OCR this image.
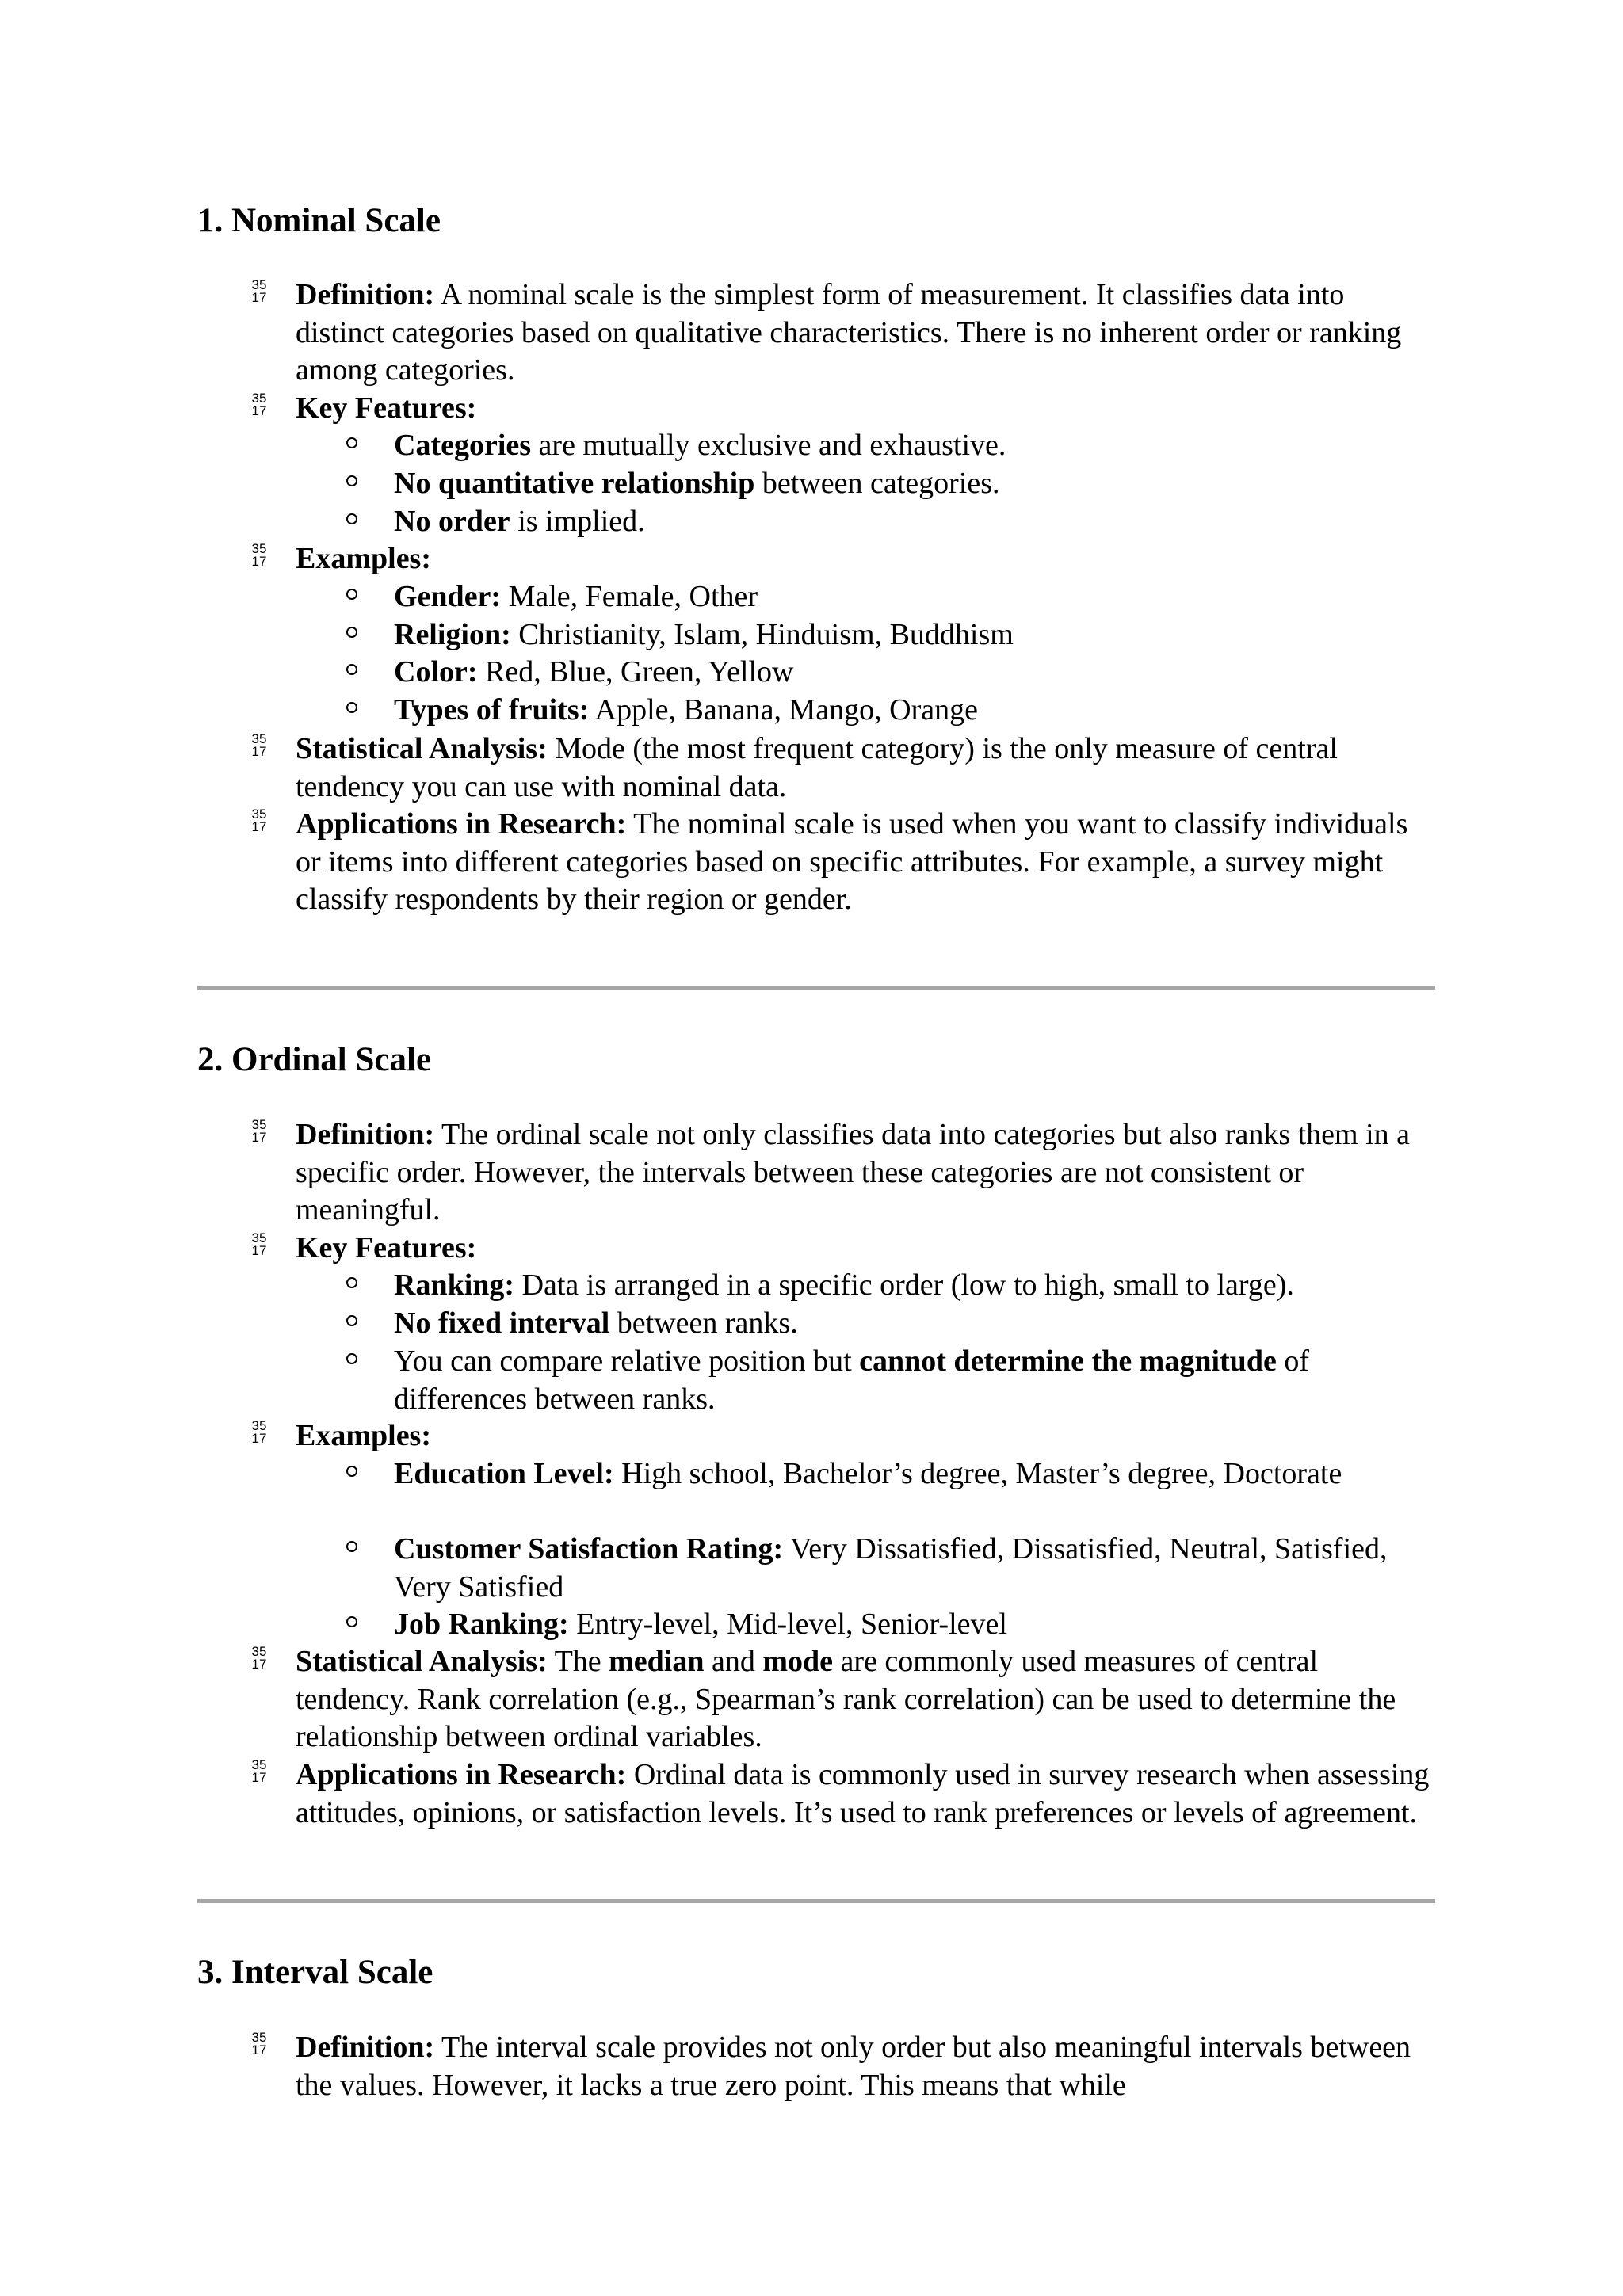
1. Nominal Scale
35
17 Definition: A nominal scale is the simplest form of measurement. It classifies data into distinct categories based on qualitative characteristics. There is no inherent order or ranking among categories.
35
17 Key Features:
Categories are mutually exclusive and exhaustive.
No quantitative relationship between categories.
No order is implied.
35
17 Examples:
Gender: Male, Female, Other
Religion: Christianity, Islam, Hinduism, Buddhism
Color: Red, Blue, Green, Yellow
Types of fruits: Apple, Banana, Mango, Orange
35
17 Statistical Analysis: Mode (the most frequent category) is the only measure of central tendency you can use with nominal data.
35
17 Applications in Research: The nominal scale is used when you want to classify individuals or items into different categories based on specific attributes. For example, a survey might classify respondents by their region or gender.
2. Ordinal Scale
35
17 Definition: The ordinal scale not only classifies data into categories but also ranks them in a specific order. However, the intervals between these categories are not consistent or meaningful.
35
17 Key Features:
Ranking: Data is arranged in a specific order (low to high, small to large).
No fixed interval between ranks.
You can compare relative position but cannot determine the magnitude of differences between ranks.
35
17 Examples:
Education Level: High school, Bachelor’s degree, Master’s degree, Doctorate
Customer Satisfaction Rating: Very Dissatisfied, Dissatisfied, Neutral, Satisfied, Very Satisfied
Job Ranking: Entry-level, Mid-level, Senior-level
35
17 Statistical Analysis: The median and mode are commonly used measures of central tendency. Rank correlation (e.g., Spearman’s rank correlation) can be used to determine the relationship between ordinal variables.
35
17 Applications in Research: Ordinal data is commonly used in survey research when assessing attitudes, opinions, or satisfaction levels. It’s used to rank preferences or levels of agreement.
3. Interval Scale
35
17 Definition: The interval scale provides not only order but also meaningful intervals between the values. However, it lacks a true zero point. This means that while
